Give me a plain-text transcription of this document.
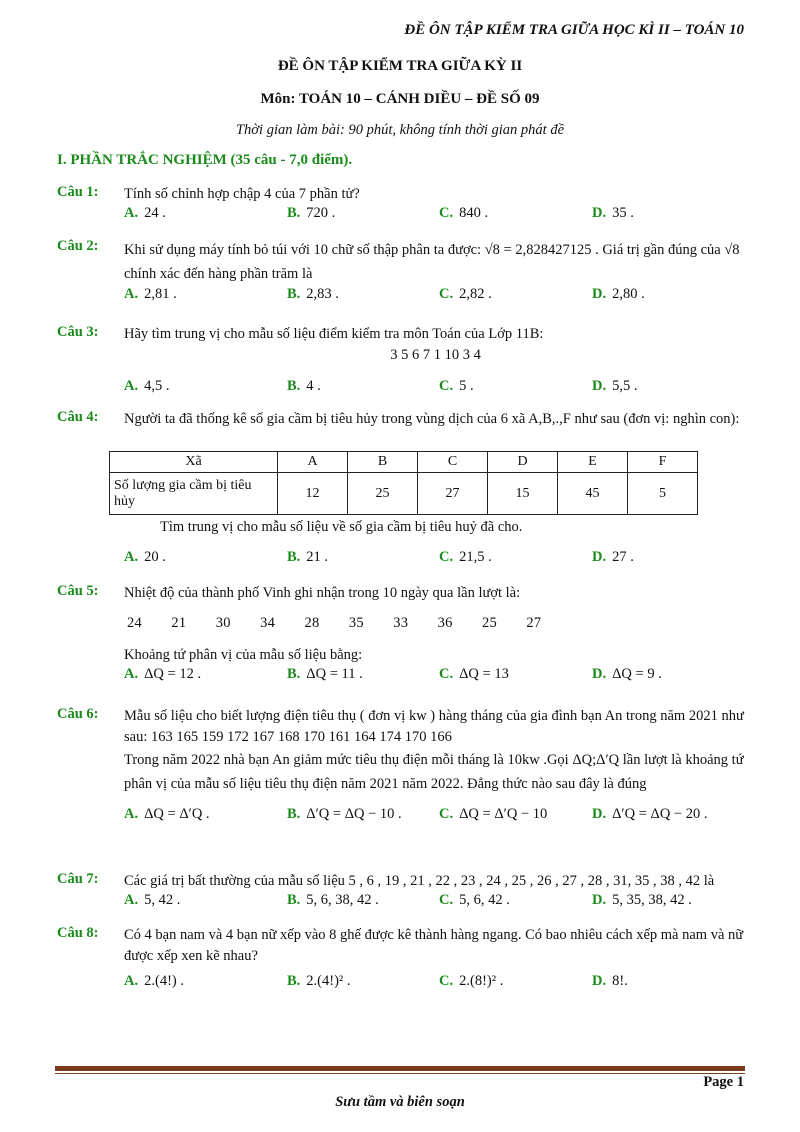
ĐỀ ÔN TẬP KIỂM TRA GIỮA HỌC KÌ II – TOÁN 10
ĐỀ ÔN TẬP KIỂM TRA GIỮA KỲ II
Môn: TOÁN 10 – CÁNH DIỀU – ĐỀ SỐ 09
Thời gian làm bài: 90 phút, không tính thời gian phát đề
I. PHẦN TRẮC NGHIỆM (35 câu - 7,0 điểm).
Câu 1: Tính số chỉnh hợp chập 4 của 7 phần tử?
A. 24 .	B. 720 .	C. 840 .	D. 35 .
Câu 2: Khi sử dụng máy tính bỏ túi với 10 chữ số thập phân ta được: √8 = 2,828427125 . Giá trị gần đúng của √8 chính xác đến hàng phần trăm là
A. 2,81 .	B. 2,83 .	C. 2,82 .	D. 2,80 .
Câu 3: Hãy tìm trung vị cho mẫu số liệu điểm kiểm tra môn Toán của Lớp 11B:
3 5 6 7 1 10 3 4
A. 4,5 .	B. 4 .	C. 5 .	D. 5,5 .
Câu 4: Người ta đã thống kê số gia cầm bị tiêu hủy trong vùng dịch của 6 xã A,B,.,F như sau (đơn vị: nghìn con):
Xã	A	B	C	D	E	F
Số lượng gia cầm bị tiêu hủy	12	25	27	15	45	5
Tìm trung vị cho mẫu số liệu về số gia cầm bị tiêu huỷ đã cho.
A. 20 .	B. 21 .	C. 21,5 .	D. 27 .
Câu 5: Nhiệt độ của thành phố Vinh ghi nhận trong 10 ngày qua lần lượt là:
24   21   30   34   28   35   33   36   25   27
Khoảng tứ phân vị của mẫu số liệu bằng:
A. ΔQ = 12 .	B. ΔQ = 11 .	C. ΔQ = 13	D. ΔQ = 9 .
Câu 6: Mẫu số liệu cho biết lượng điện tiêu thụ ( đơn vị kw ) hàng tháng của gia đình bạn An trong năm 2021 như sau: 163 165 159 172 167 168 170 161 164 174 170 166
Trong năm 2022 nhà bạn An giảm mức tiêu thụ điện mỗi tháng là 10kw .Gọi ΔQ;Δ′Q lần lượt là khoảng tứ phân vị của mẫu số liệu tiêu thụ điện năm 2021 năm 2022. Đẳng thức nào sau đây là đúng
A. ΔQ = Δ′Q .	B. Δ′Q = ΔQ − 10 .	C. ΔQ = Δ′Q − 10	D. Δ′Q = ΔQ − 20 .
Câu 7: Các giá trị bất thường của mẫu số liệu 5 , 6 , 19 , 21 , 22 , 23 , 24 , 25 , 26 , 27 , 28 , 31, 35 , 38 , 42 là
A. 5, 42 .	B. 5, 6, 38, 42 .	C. 5, 6, 42 .	D. 5, 35, 38, 42 .
Câu 8: Có 4 bạn nam và 4 bạn nữ xếp vào 8 ghế được kê thành hàng ngang. Có bao nhiêu cách xếp mà nam và nữ được xếp xen kẽ nhau?
A. 2.(4!) .	B. 2.(4!)² .	C. 2.(8!)² .	D. 8!.
Page 1
Sưu tầm và biên soạn
